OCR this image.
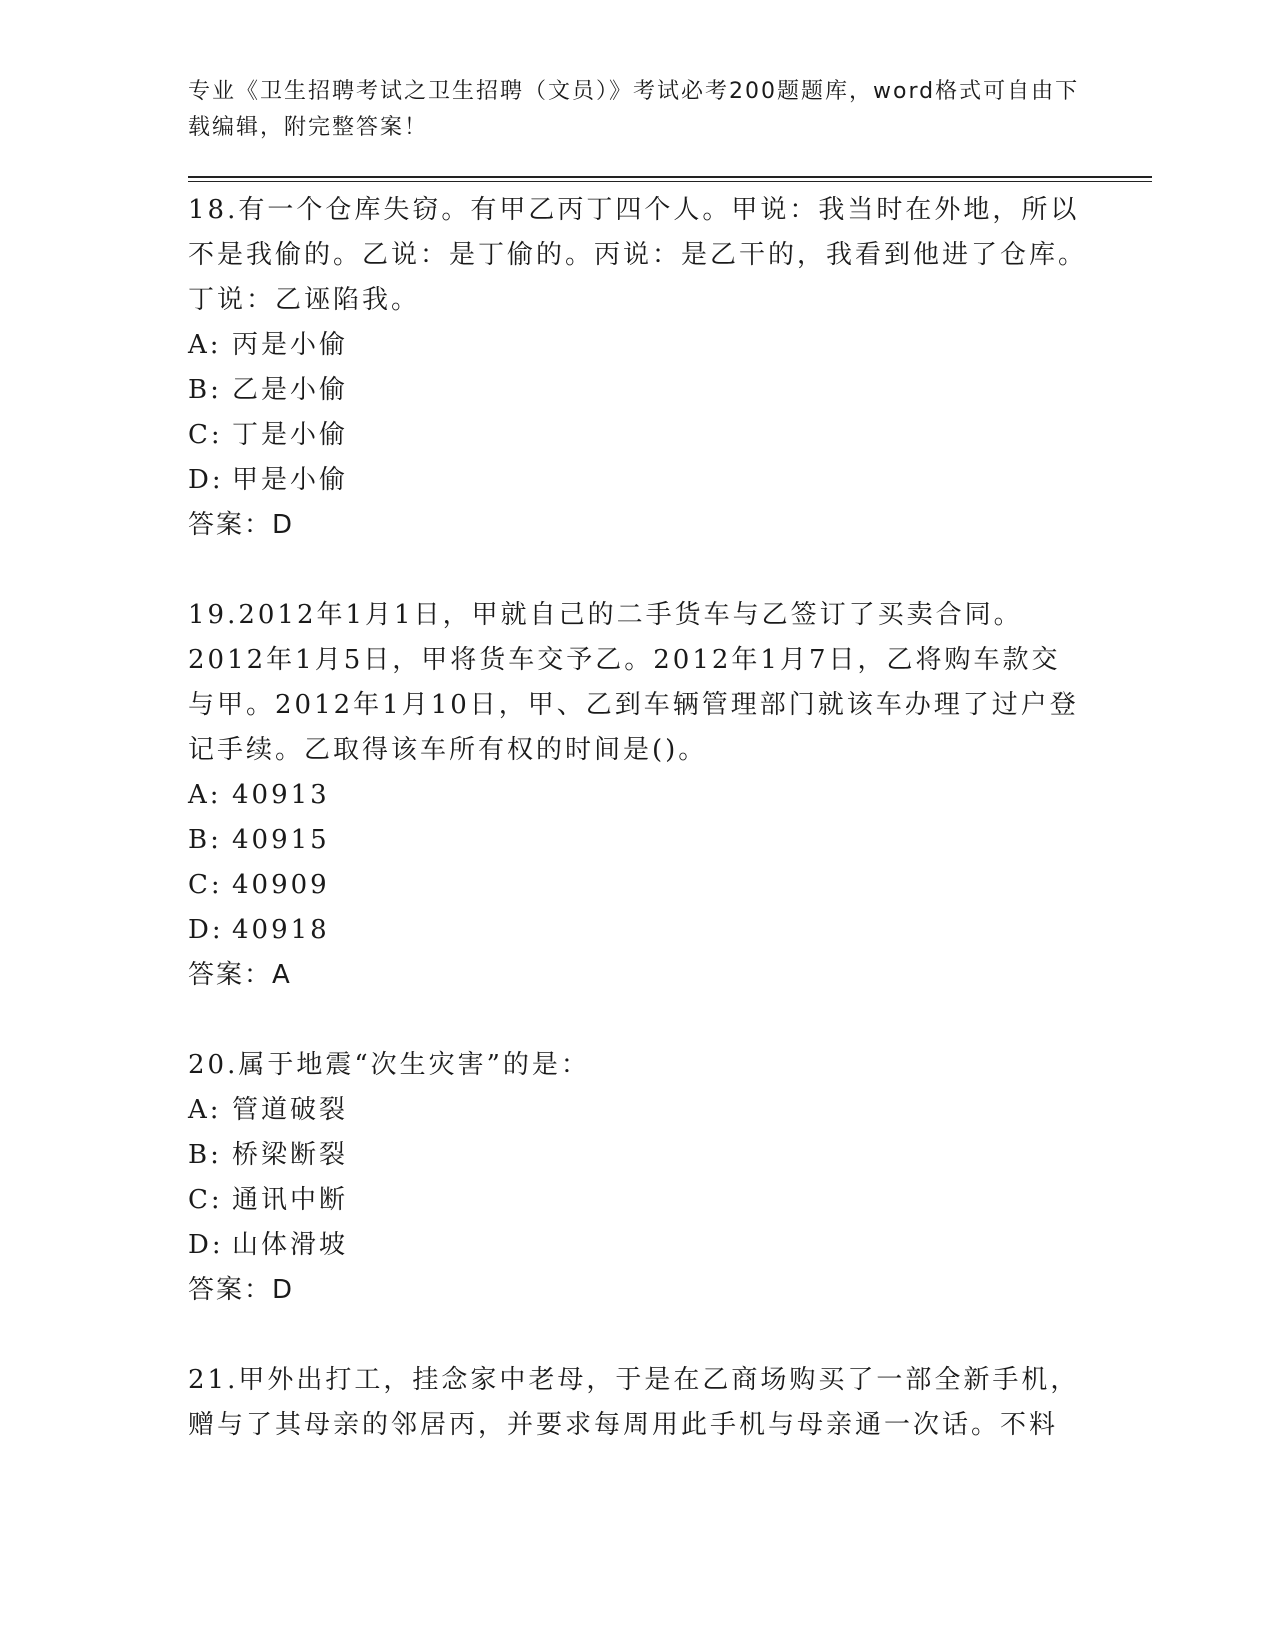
专业《卫生招聘考试之卫生招聘（文员）》考试必考200题题库，word格式可自由下载编辑，附完整答案！

18.有一个仓库失窃。有甲乙丙丁四个人。甲说：我当时在外地，所以不是我偷的。乙说：是丁偷的。丙说：是乙干的，我看到他进了仓库。丁说：乙诬陷我。

A: 丙是小偷
B: 乙是小偷
C: 丁是小偷
D: 甲是小偷
答案：D

19.2012年1月1日，甲就自己的二手货车与乙签订了买卖合同。2012年1月5日，甲将货车交予乙。2012年1月7日，乙将购车款交与甲。2012年1月10日，甲、乙到车辆管理部门就该车办理了过户登记手续。乙取得该车所有权的时间是()。

A: 40913
B: 40915
C: 40909
D: 40918
答案：A

20.属于地震“次生灾害”的是：

A: 管道破裂
B: 桥梁断裂
C: 通讯中断
D: 山体滑坡
答案：D

21.甲外出打工，挂念家中老母，于是在乙商场购买了一部全新手机，赠与了其母亲的邻居丙，并要求每周用此手机与母亲通一次话。不料
